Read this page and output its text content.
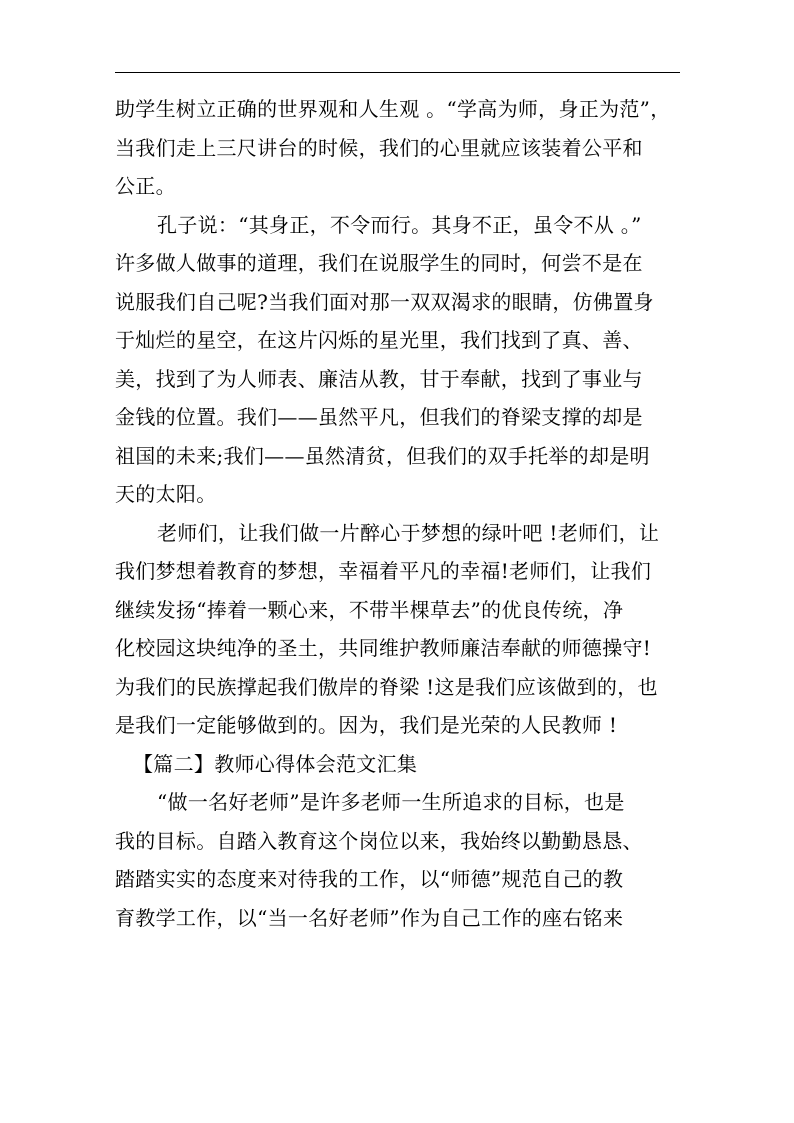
助学生树立正确的世界观和人生观 。“学高为师，身正为范”，
当我们走上三尺讲台的时候，我们的心里就应该装着公平和
公正。
孔子说：“其身正，不令而行。其身不正，虽令不从 。”
许多做人做事的道理，我们在说服学生的同时，何尝不是在
说服我们自己呢?当我们面对那一双双渴求的眼睛，仿佛置身
于灿烂的星空，在这片闪烁的星光里，我们找到了真、善、
美，找到了为人师表、廉洁从教，甘于奉献，找到了事业与
金钱的位置。我们——虽然平凡，但我们的脊梁支撑的却是
祖国的未来;我们——虽然清贫，但我们的双手托举的却是明
天的太阳。
老师们，让我们做一片醉心于梦想的绿叶吧 !老师们，让
我们梦想着教育的梦想，幸福着平凡的幸福!老师们，让我们
继续发扬“捧着一颗心来，不带半棵草去”的优良传统，净
化校园这块纯净的圣土，共同维护教师廉洁奉献的师德操守!
为我们的民族撑起我们傲岸的脊梁 !这是我们应该做到的，也
是我们一定能够做到的。因为，我们是光荣的人民教师 !
【篇二】教师心得体会范文汇集
“做一名好老师”是许多老师一生所追求的目标，也是
我的目标。自踏入教育这个岗位以来，我始终以勤勤恳恳、
踏踏实实的态度来对待我的工作，以“师德”规范自己的教
育教学工作，以“当一名好老师”作为自己工作的座右铭来
